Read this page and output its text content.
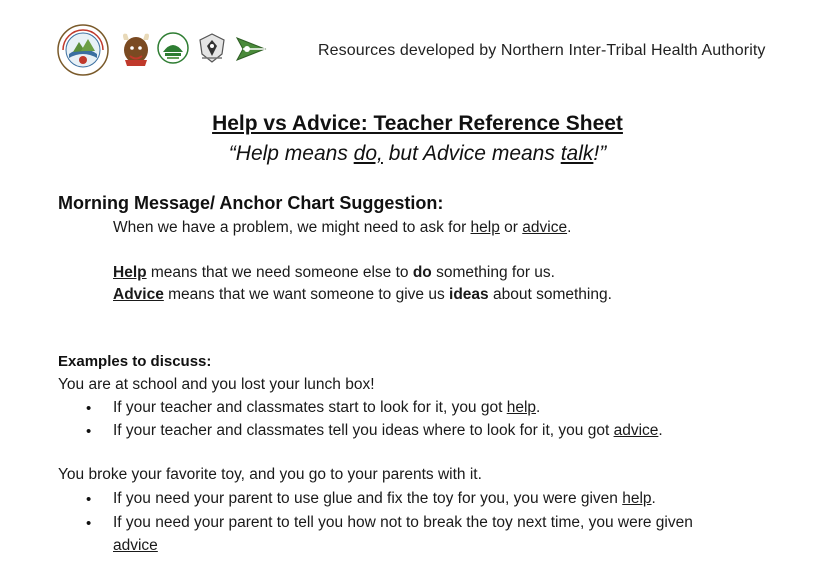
Resources developed by Northern Inter-Tribal Health Authority
Help vs Advice: Teacher Reference Sheet
“Help means do, but Advice means talk!”
Morning Message/ Anchor Chart Suggestion:
When we have a problem, we might need to ask for help or advice.
Help means that we need someone else to do something for us.
Advice means that we want someone to give us ideas about something.
Examples to discuss:
You are at school and you lost your lunch box!
• If your teacher and classmates start to look for it, you got help.
• If your teacher and classmates tell you ideas where to look for it, you got advice.
You broke your favorite toy, and you go to your parents with it.
• If you need your parent to use glue and fix the toy for you, you were given help.
• If you need your parent to tell you how not to break the toy next time, you were given
advice
